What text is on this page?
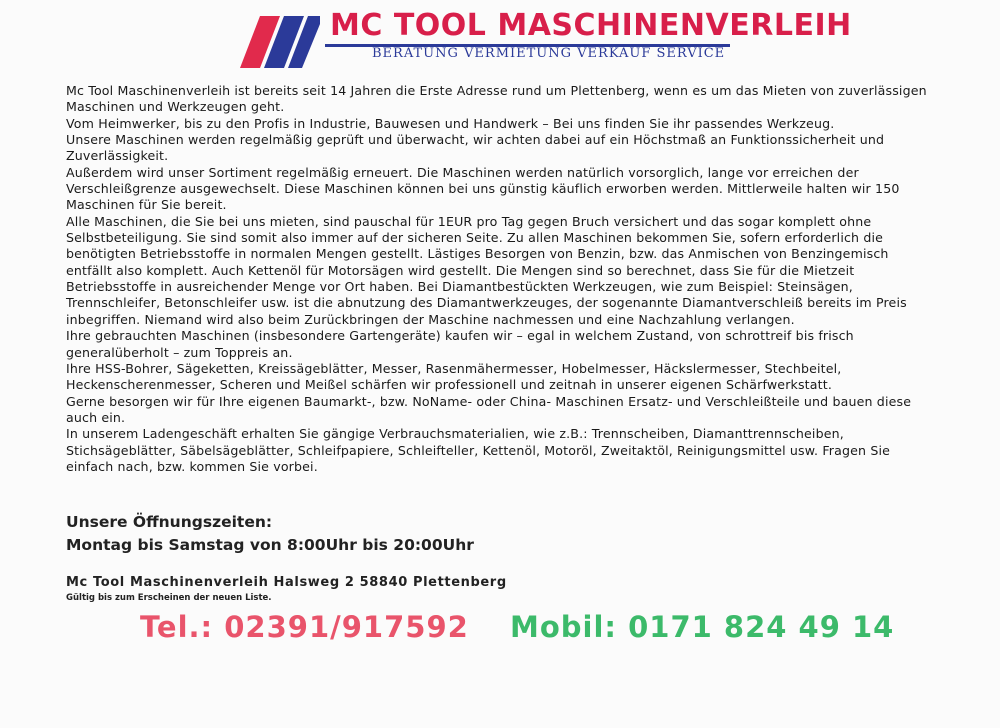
MC TOOL MASCHINENVERLEIH
BERATUNG VERMIETUNG VERKAUF SERVICE

Mc Tool Maschinenverleih ist bereits seit 14 Jahren die Erste Adresse rund um Plettenberg, wenn es um das Mieten von zuverlässigen Maschinen und Werkzeugen geht.

Vom Heimwerker, bis zu den Profis in Industrie, Bauwesen und Handwerk – Bei uns finden Sie ihr passendes Werkzeug.

Unsere Maschinen werden regelmäßig geprüft und überwacht, wir achten dabei auf ein Höchstmaß an Funktionssicherheit und Zuverlässigkeit.

Außerdem wird unser Sortiment regelmäßig erneuert. Die Maschinen werden natürlich vorsorglich, lange vor erreichen der Verschleißgrenze ausgewechselt. Diese Maschinen können bei uns günstig käuflich erworben werden. Mittlerweile halten wir 150 Maschinen für Sie bereit.

Alle Maschinen, die Sie bei uns mieten, sind pauschal für 1EUR pro Tag gegen Bruch versichert und das sogar komplett ohne Selbstbeteiligung. Sie sind somit also immer auf der sicheren Seite. Zu allen Maschinen bekommen Sie, sofern erforderlich die benötigten Betriebsstoffe in normalen Mengen gestellt. Lästiges Besorgen von Benzin, bzw. das Anmischen von Benzingemisch entfällt also komplett. Auch Kettenöl für Motorsägen wird gestellt. Die Mengen sind so berechnet, dass Sie für die Mietzeit Betriebsstoffe in ausreichender Menge vor Ort haben. Bei Diamantbestückten Werkzeugen, wie zum Beispiel: Steinsägen, Trennschleifer, Betonschleifer usw. ist die abnutzung des Diamantwerkzeuges, der sogenannte Diamantverschleiß bereits im Preis inbegriffen. Niemand wird also beim Zurückbringen der Maschine nachmessen und eine Nachzahlung verlangen.

Ihre gebrauchten Maschinen (insbesondere Gartengeräte) kaufen wir – egal in welchem Zustand, von schrottreif bis frisch generalüberholt – zum Toppreis an.

Ihre HSS-Bohrer, Sägeketten, Kreissägeblätter, Messer, Rasenmähermesser, Hobelmesser, Häckslermesser, Stechbeitel, Heckenscherenmesser, Scheren und Meißel schärfen wir professionell und zeitnah in unserer eigenen Schärfwerkstatt.

Gerne besorgen wir für Ihre eigenen Baumarkt-, bzw. NoName- oder China- Maschinen Ersatz- und Verschleißteile und bauen diese auch ein.

In unserem Ladengeschäft erhalten Sie gängige Verbrauchsmaterialien, wie z.B.: Trennscheiben, Diamanttrennscheiben, Stichsägeblätter, Säbelsägeblätter, Schleifpapiere, Schleifteller, Kettenöl, Motoröl, Zweitaktöl, Reinigungsmittel usw. Fragen Sie einfach nach, bzw. kommen Sie vorbei.

Unsere Öffnungszeiten:
Montag bis Samstag von 8:00Uhr bis 20:00Uhr
Mc Tool Maschinenverleih Halsweg 2 58840 Plettenberg
Gültig bis zum Erscheinen der neuen Liste.
Tel.: 02391/917592 Mobil: 0171 824 49 14
